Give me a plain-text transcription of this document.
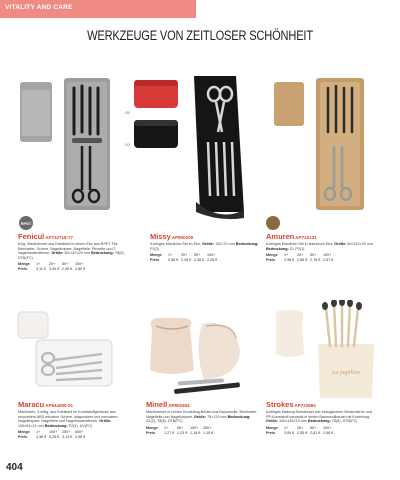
VITALITY AND CARE
WERKZEUGE VON ZEITLOSER SCHÖNHEIT
RPET
-05
-10
FeniculAP722718-77
6-tlg. Maniküreset aus Edelstahl in einem Etui aus RPET Filz: Beinhalter, Schere, Nagelknipser, Nagelfeile, Pinzette und 2 Nagelhautentferner. Größe: 60×110×20 mm Bedruckung: T8(8), DTB(FC)
Menge	1+	25+	50+	100+
Preis	3,11 € 3,00 € 2,90 € 2,80 €
MissyAP800209
6-teiliges Maniküre-Set im Etui. Größe: 120×70 mm Bedruckung: P2(2)
Menge	1+	25+	50+	100+
Preis	2,58 € 2,45 € 2,36 € 2,28 €
AmurenAP722131
6-teiliges Maniküre-Set in Naturkork-Etui. Größe: 60×110×20 mm Bedruckung: CL P2(1)
Menge	1+	25+	50+	100+
Preis	2,98 € 2,86 € 2,78 € 2,67 €
La papillon
MaracuAP844050-01
Maniküren, 5-teilig, aus Edelstahl im Kunststoffgehäuse aus recyceltem ABS inklusive Schere, diagonalem und normalem Nagelknipser, Nagelfeile und Nagelhautentferner. Größe: 100×64×21 mm Bedruckung: P2(4), UV(FC)
Menge	1+	100+	250+	500+
Preis	3,36 € 3,25 € 3,13 € 3,08 €
MinellAP800484
Maniküreset in Leinen Kordelzug-Beutel aus Baumwolle. Beinhalter, Nagelfeile und Nagelknipser. Größe: 75×120 mm Bedruckung: S1(2), T8(8), DTB(FC)
Menge	1+	50+	100+	250+
Preis	1,27 € 1,23 € 1,18 € 1,15 €
StrokesAP722684
6-teiliges Makeup-Bürstenset aus biologischem Weizenstroh und PP-Kunststoff verpackt in einem Baumwollbeutel mit Kordelzug. Größe: 100×145×10 mm Bedruckung: T8(8), DTB(FC)
Menge	1+	25+	50+	100+
Preis	3,09 € 2,95 € 2,81 € 2,68 €
404
